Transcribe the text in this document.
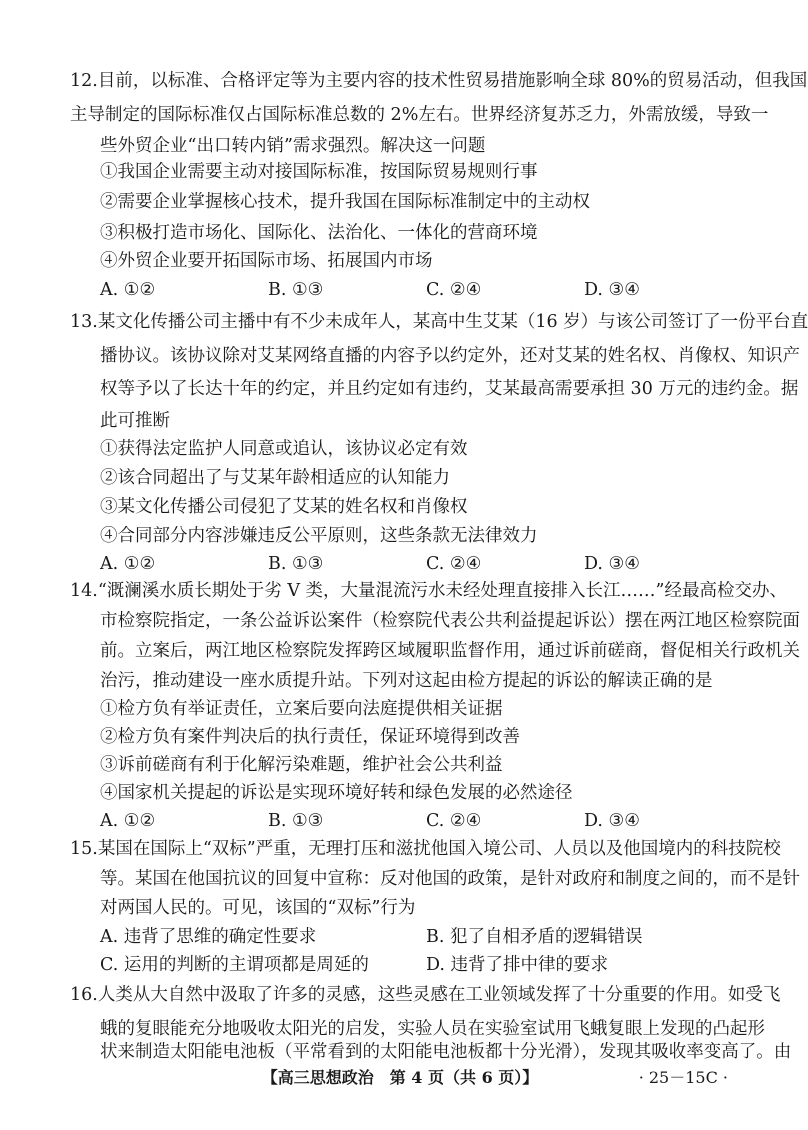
12.目前，以标准、合格评定等为主要内容的技术性贸易措施影响全球 80%的贸易活动，但我国
主导制定的国际标准仅占国际标准总数的 2%左右。世界经济复苏乏力，外需放缓，导致一
些外贸企业“出口转内销”需求强烈。解决这一问题
①我国企业需要主动对接国际标准，按国际贸易规则行事
②需要企业掌握核心技术，提升我国在国际标准制定中的主动权
③积极打造市场化、国际化、法治化、一体化的营商环境
④外贸企业要开拓国际市场、拓展国内市场
A. ①②	B. ①③	C. ②④	D. ③④
13.某文化传播公司主播中有不少未成年人，某高中生艾某（16 岁）与该公司签订了一份平台直
播协议。该协议除对艾某网络直播的内容予以约定外，还对艾某的姓名权、肖像权、知识产
权等予以了长达十年的约定，并且约定如有违约，艾某最高需要承担 30 万元的违约金。据
此可推断
①获得法定监护人同意或追认，该协议必定有效
②该合同超出了与艾某年龄相适应的认知能力
③某文化传播公司侵犯了艾某的姓名权和肖像权
④合同部分内容涉嫌违反公平原则，这些条款无法律效力
A. ①②	B. ①③	C. ②④	D. ③④
14.“溉澜溪水质长期处于劣 V 类，大量混流污水未经处理直接排入长江……”经最高检交办、
市检察院指定，一条公益诉讼案件（检察院代表公共利益提起诉讼）摆在两江地区检察院面
前。立案后，两江地区检察院发挥跨区域履职监督作用，通过诉前磋商，督促相关行政机关
治污，推动建设一座水质提升站。下列对这起由检方提起的诉讼的解读正确的是
①检方负有举证责任，立案后要向法庭提供相关证据
②检方负有案件判决后的执行责任，保证环境得到改善
③诉前磋商有利于化解污染难题，维护社会公共利益
④国家机关提起的诉讼是实现环境好转和绿色发展的必然途径
A. ①②	B. ①③	C. ②④	D. ③④
15.某国在国际上“双标”严重，无理打压和滋扰他国入境公司、人员以及他国境内的科技院校
等。某国在他国抗议的回复中宣称：反对他国的政策，是针对政府和制度之间的，而不是针
对两国人民的。可见，该国的“双标”行为
A. 违背了思维的确定性要求	B. 犯了自相矛盾的逻辑错误
C. 运用的判断的主谓项都是周延的	D. 违背了排中律的要求
16.人类从大自然中汲取了许多的灵感，这些灵感在工业领域发挥了十分重要的作用。如受飞
蛾的复眼能充分地吸收太阳光的启发，实验人员在实验室试用飞蛾复眼上发现的凸起形
状来制造太阳能电池板（平常看到的太阳能电池板都十分光滑），发现其吸收率变高了。由
【高三思想政治　第 4 页（共 6 页）】	· 25－15C ·
